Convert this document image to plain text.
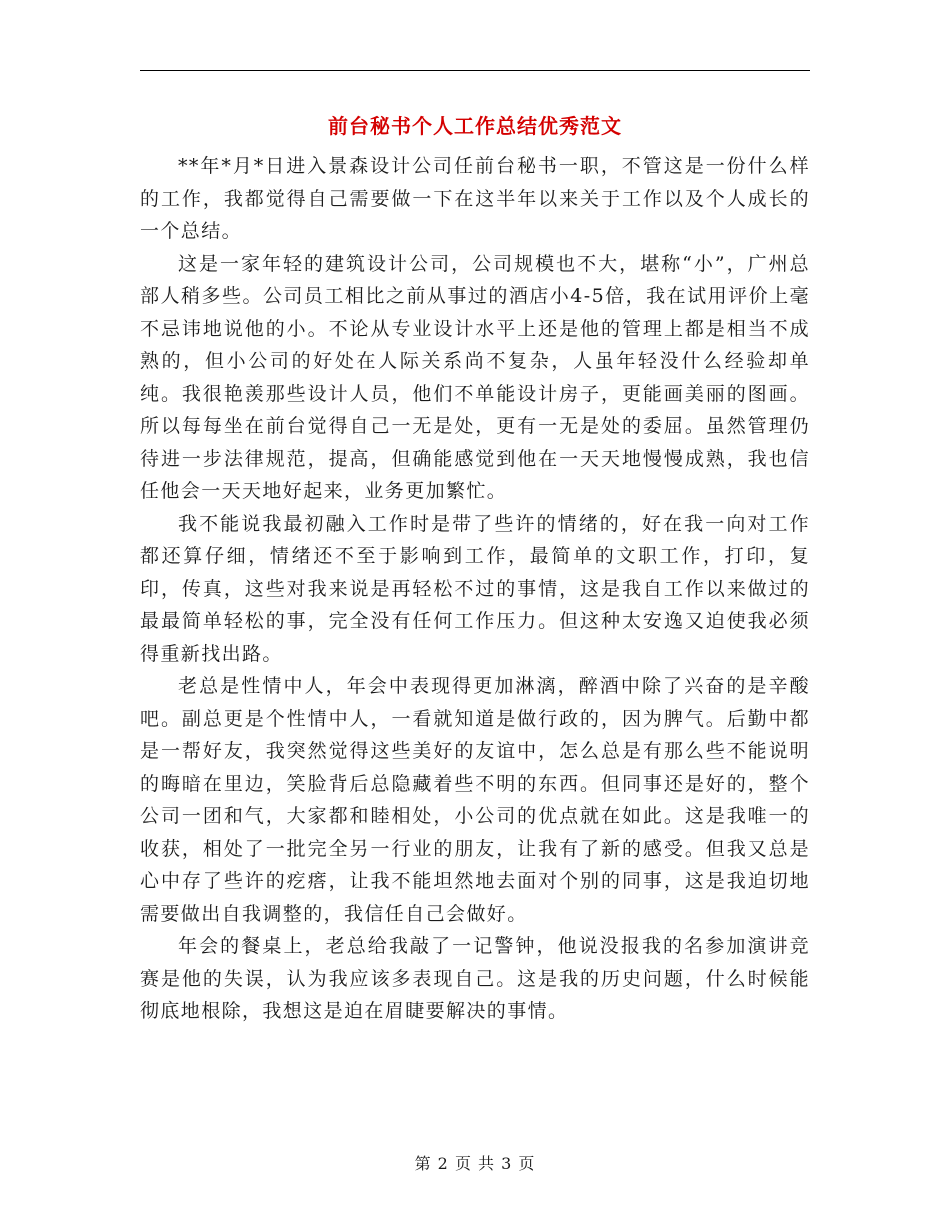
前台秘书个人工作总结优秀范文

**年*月*日进入景森设计公司任前台秘书一职，不管这是一份什么样的工作，我都觉得自己需要做一下在这半年以来关于工作以及个人成长的一个总结。

这是一家年轻的建筑设计公司，公司规模也不大，堪称“小”，广州总部人稍多些。公司员工相比之前从事过的酒店小4-5倍，我在试用评价上毫不忌讳地说他的小。不论从专业设计水平上还是他的管理上都是相当不成熟的，但小公司的好处在人际关系尚不复杂，人虽年轻没什么经验却单纯。我很艳羡那些设计人员，他们不单能设计房子，更能画美丽的图画。所以每每坐在前台觉得自己一无是处，更有一无是处的委屈。虽然管理仍待进一步法律规范，提高，但确能感觉到他在一天天地慢慢成熟，我也信任他会一天天地好起来，业务更加繁忙。

我不能说我最初融入工作时是带了些许的情绪的，好在我一向对工作都还算仔细，情绪还不至于影响到工作，最简单的文职工作，打印，复印，传真，这些对我来说是再轻松不过的事情，这是我自工作以来做过的最最简单轻松的事，完全没有任何工作压力。但这种太安逸又迫使我必须得重新找出路。

老总是性情中人，年会中表现得更加淋漓，醉酒中除了兴奋的是辛酸吧。副总更是个性情中人，一看就知道是做行政的，因为脾气。后勤中都是一帮好友，我突然觉得这些美好的友谊中，怎么总是有那么些不能说明的晦暗在里边，笑脸背后总隐藏着些不明的东西。但同事还是好的，整个公司一团和气，大家都和睦相处，小公司的优点就在如此。这是我唯一的收获，相处了一批完全另一行业的朋友，让我有了新的感受。但我又总是心中存了些许的疙瘩，让我不能坦然地去面对个别的同事，这是我迫切地需要做出自我调整的，我信任自己会做好。

年会的餐桌上，老总给我敲了一记警钟，他说没报我的名参加演讲竞赛是他的失误，认为我应该多表现自己。这是我的历史问题，什么时候能彻底地根除，我想这是迫在眉睫要解决的事情。

第 2 页 共 3 页
